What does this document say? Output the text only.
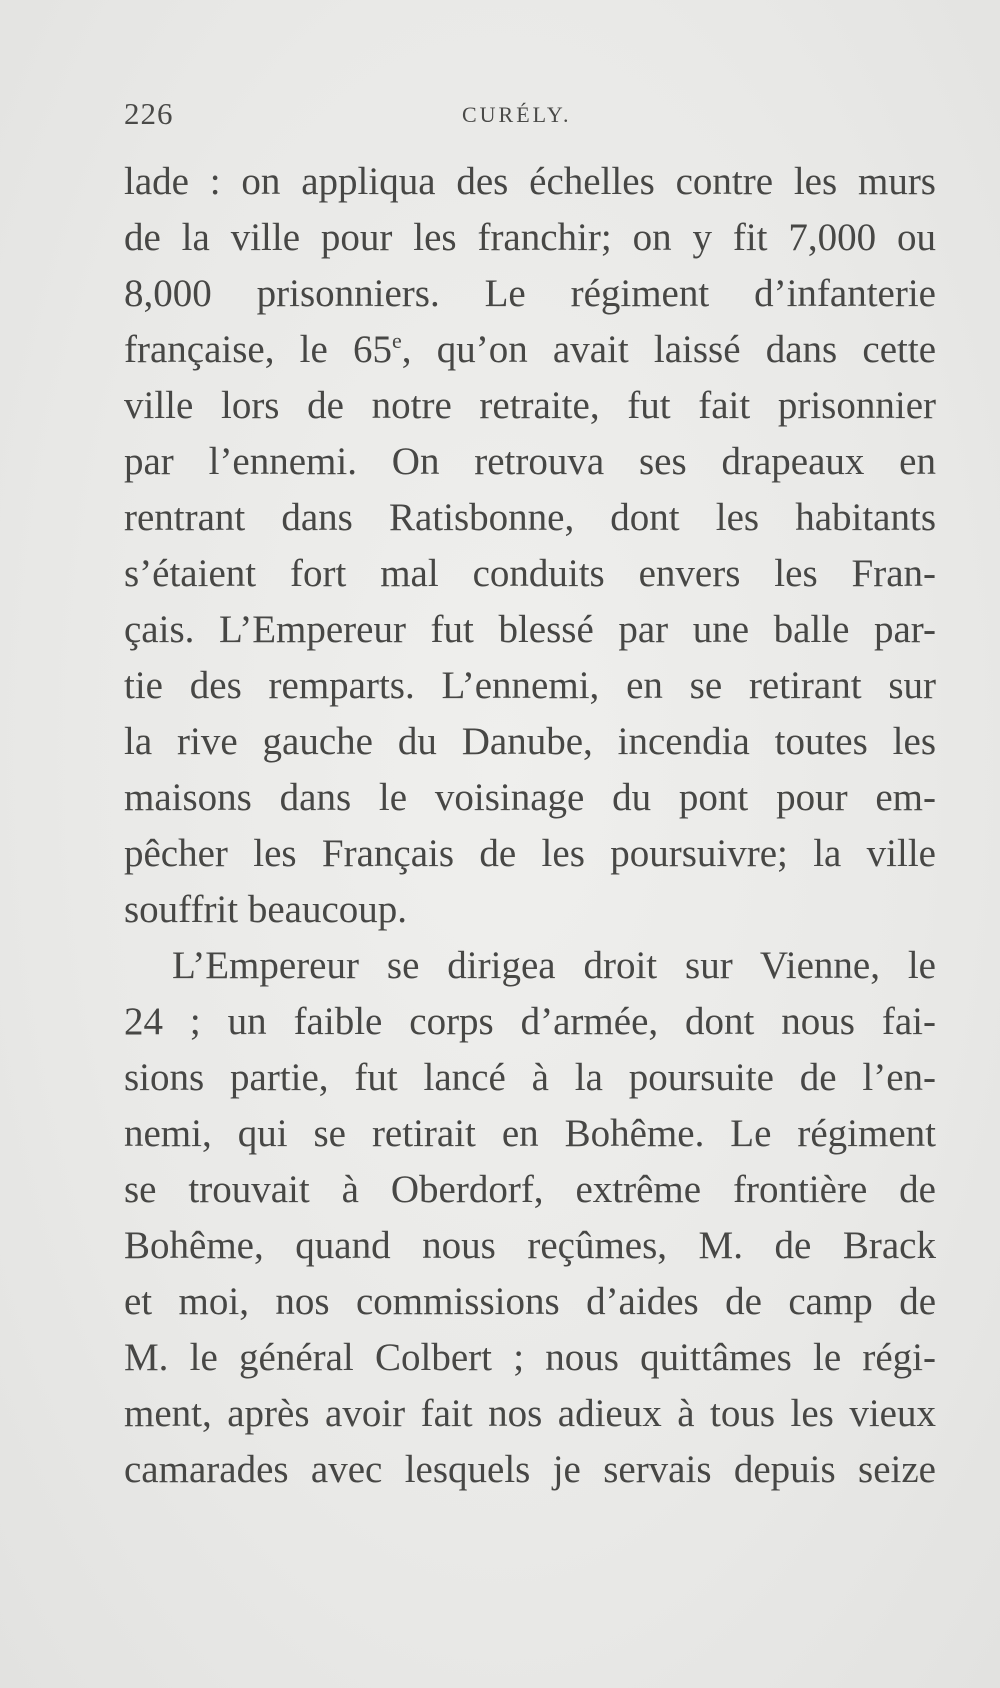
226	CURÉLY.
lade : on appliqua des échelles contre les murs
de la ville pour les franchir; on y fit 7,000 ou
8,000 prisonniers. Le régiment d’infanterie
française, le 65e, qu’on avait laissé dans cette
ville lors de notre retraite, fut fait prisonnier
par l’ennemi. On retrouva ses drapeaux en
rentrant dans Ratisbonne, dont les habitants
s’étaient fort mal conduits envers les Fran-
çais. L’Empereur fut blessé par une balle par-
tie des remparts. L’ennemi, en se retirant sur
la rive gauche du Danube, incendia toutes les
maisons dans le voisinage du pont pour em-
pêcher les Français de les poursuivre; la ville
souffrit beaucoup.
L’Empereur se dirigea droit sur Vienne, le
24 ; un faible corps d’armée, dont nous fai-
sions partie, fut lancé à la poursuite de l’en-
nemi, qui se retirait en Bohême. Le régiment
se trouvait à Oberdorf, extrême frontière de
Bohême, quand nous reçûmes, M. de Brack
et moi, nos commissions d’aides de camp de
M. le général Colbert ; nous quittâmes le régi-
ment, après avoir fait nos adieux à tous les vieux
camarades avec lesquels je servais depuis seize
